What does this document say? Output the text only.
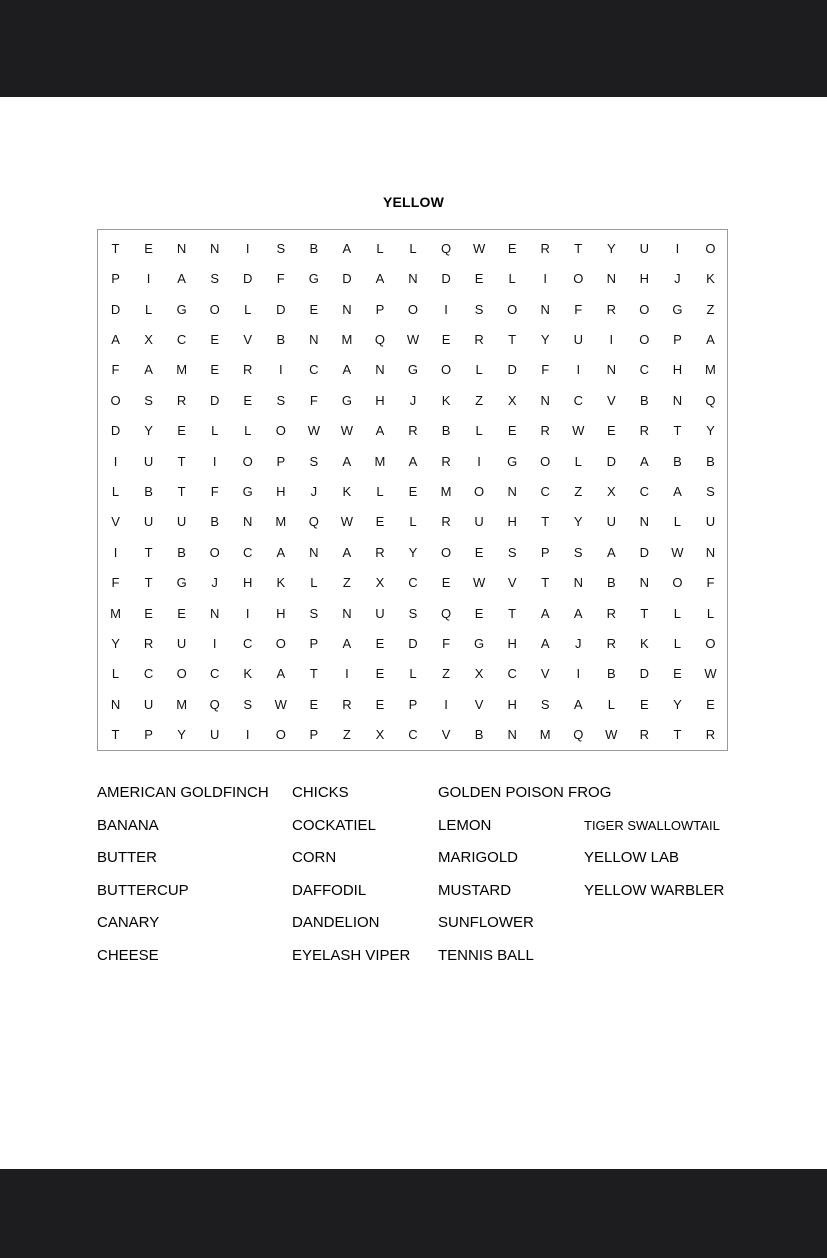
YELLOW
T	E	N	N	I	S	B	A	L	L	Q	W	E	R	T	Y	U	I	O
P	I	A	S	D	F	G	D	A	N	D	E	L	I	O	N	H	J	K
D	L	G	O	L	D	E	N	P	O	I	S	O	N	F	R	O	G	Z
A	X	C	E	V	B	N	M	Q	W	E	R	T	Y	U	I	O	P	A
F	A	M	E	R	I	C	A	N	G	O	L	D	F	I	N	C	H	M
O	S	R	D	E	S	F	G	H	J	K	Z	X	N	C	V	B	N	Q
D	Y	E	L	L	O	W	W	A	R	B	L	E	R	W	E	R	T	Y
I	U	T	I	O	P	S	A	M	A	R	I	G	O	L	D	A	B	B
L	B	T	F	G	H	J	K	L	E	M	O	N	C	Z	X	C	A	S
V	U	U	B	N	M	Q	W	E	L	R	U	H	T	Y	U	N	L	U
I	T	B	O	C	A	N	A	R	Y	O	E	S	P	S	A	D	W	N
F	T	G	J	H	K	L	Z	X	C	E	W	V	T	N	B	N	O	F
M	E	E	N	I	H	S	N	U	S	Q	E	T	A	A	R	T	L	L
Y	R	U	I	C	O	P	A	E	D	F	G	H	A	J	R	K	L	O
L	C	O	C	K	A	T	I	E	L	Z	X	C	V	I	B	D	E	W
N	U	M	Q	S	W	E	R	E	P	I	V	H	S	A	L	E	Y	E
T	P	Y	U	I	O	P	Z	X	C	V	B	N	M	Q	W	R	T	R
AMERICAN GOLDFINCH
BANANA
BUTTER
BUTTERCUP
CANARY
CHEESE
CHICKS
COCKATIEL
CORN
DAFFODIL
DANDELION
EYELASH VIPER
GOLDEN POISON FROG
LEMON
MARIGOLD
MUSTARD
SUNFLOWER
TENNIS BALL
TIGER SWALLOWTAIL
YELLOW LAB
YELLOW WARBLER
